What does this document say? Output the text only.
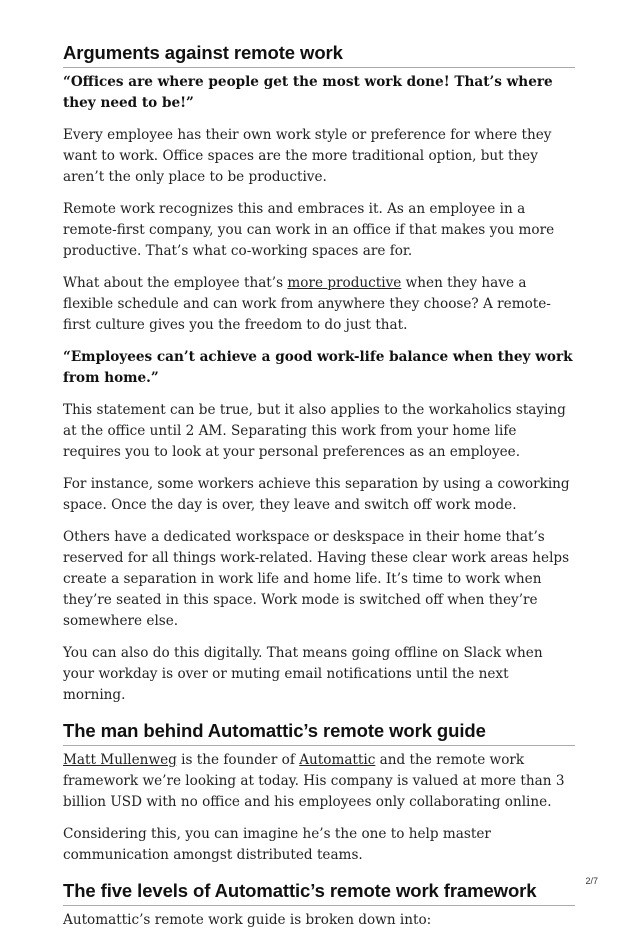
Arguments against remote work

“Offices are where people get the most work done! That’s where they need to be!”

Every employee has their own work style or preference for where they want to work. Office spaces are the more traditional option, but they aren’t the only place to be productive.

Remote work recognizes this and embraces it. As an employee in a remote-first company, you can work in an office if that makes you more productive. That’s what co-working spaces are for.

What about the employee that’s more productive when they have a flexible schedule and can work from anywhere they choose? A remote-first culture gives you the freedom to do just that.

“Employees can’t achieve a good work-life balance when they work from home.”

This statement can be true, but it also applies to the workaholics staying at the office until 2 AM. Separating this work from your home life requires you to look at your personal preferences as an employee.

For instance, some workers achieve this separation by using a coworking space. Once the day is over, they leave and switch off work mode.

Others have a dedicated workspace or deskspace in their home that’s reserved for all things work-related. Having these clear work areas helps create a separation in work life and home life. It’s time to work when they’re seated in this space. Work mode is switched off when they’re somewhere else.

You can also do this digitally. That means going offline on Slack when your workday is over or muting email notifications until the next morning.

The man behind Automattic’s remote work guide

Matt Mullenweg is the founder of Automattic and the remote work framework we’re looking at today. His company is valued at more than 3 billion USD with no office and his employees only collaborating online.

Considering this, you can imagine he’s the one to help master communication amongst distributed teams.

The five levels of Automattic’s remote work framework

Automattic’s remote work guide is broken down into:

2/7
